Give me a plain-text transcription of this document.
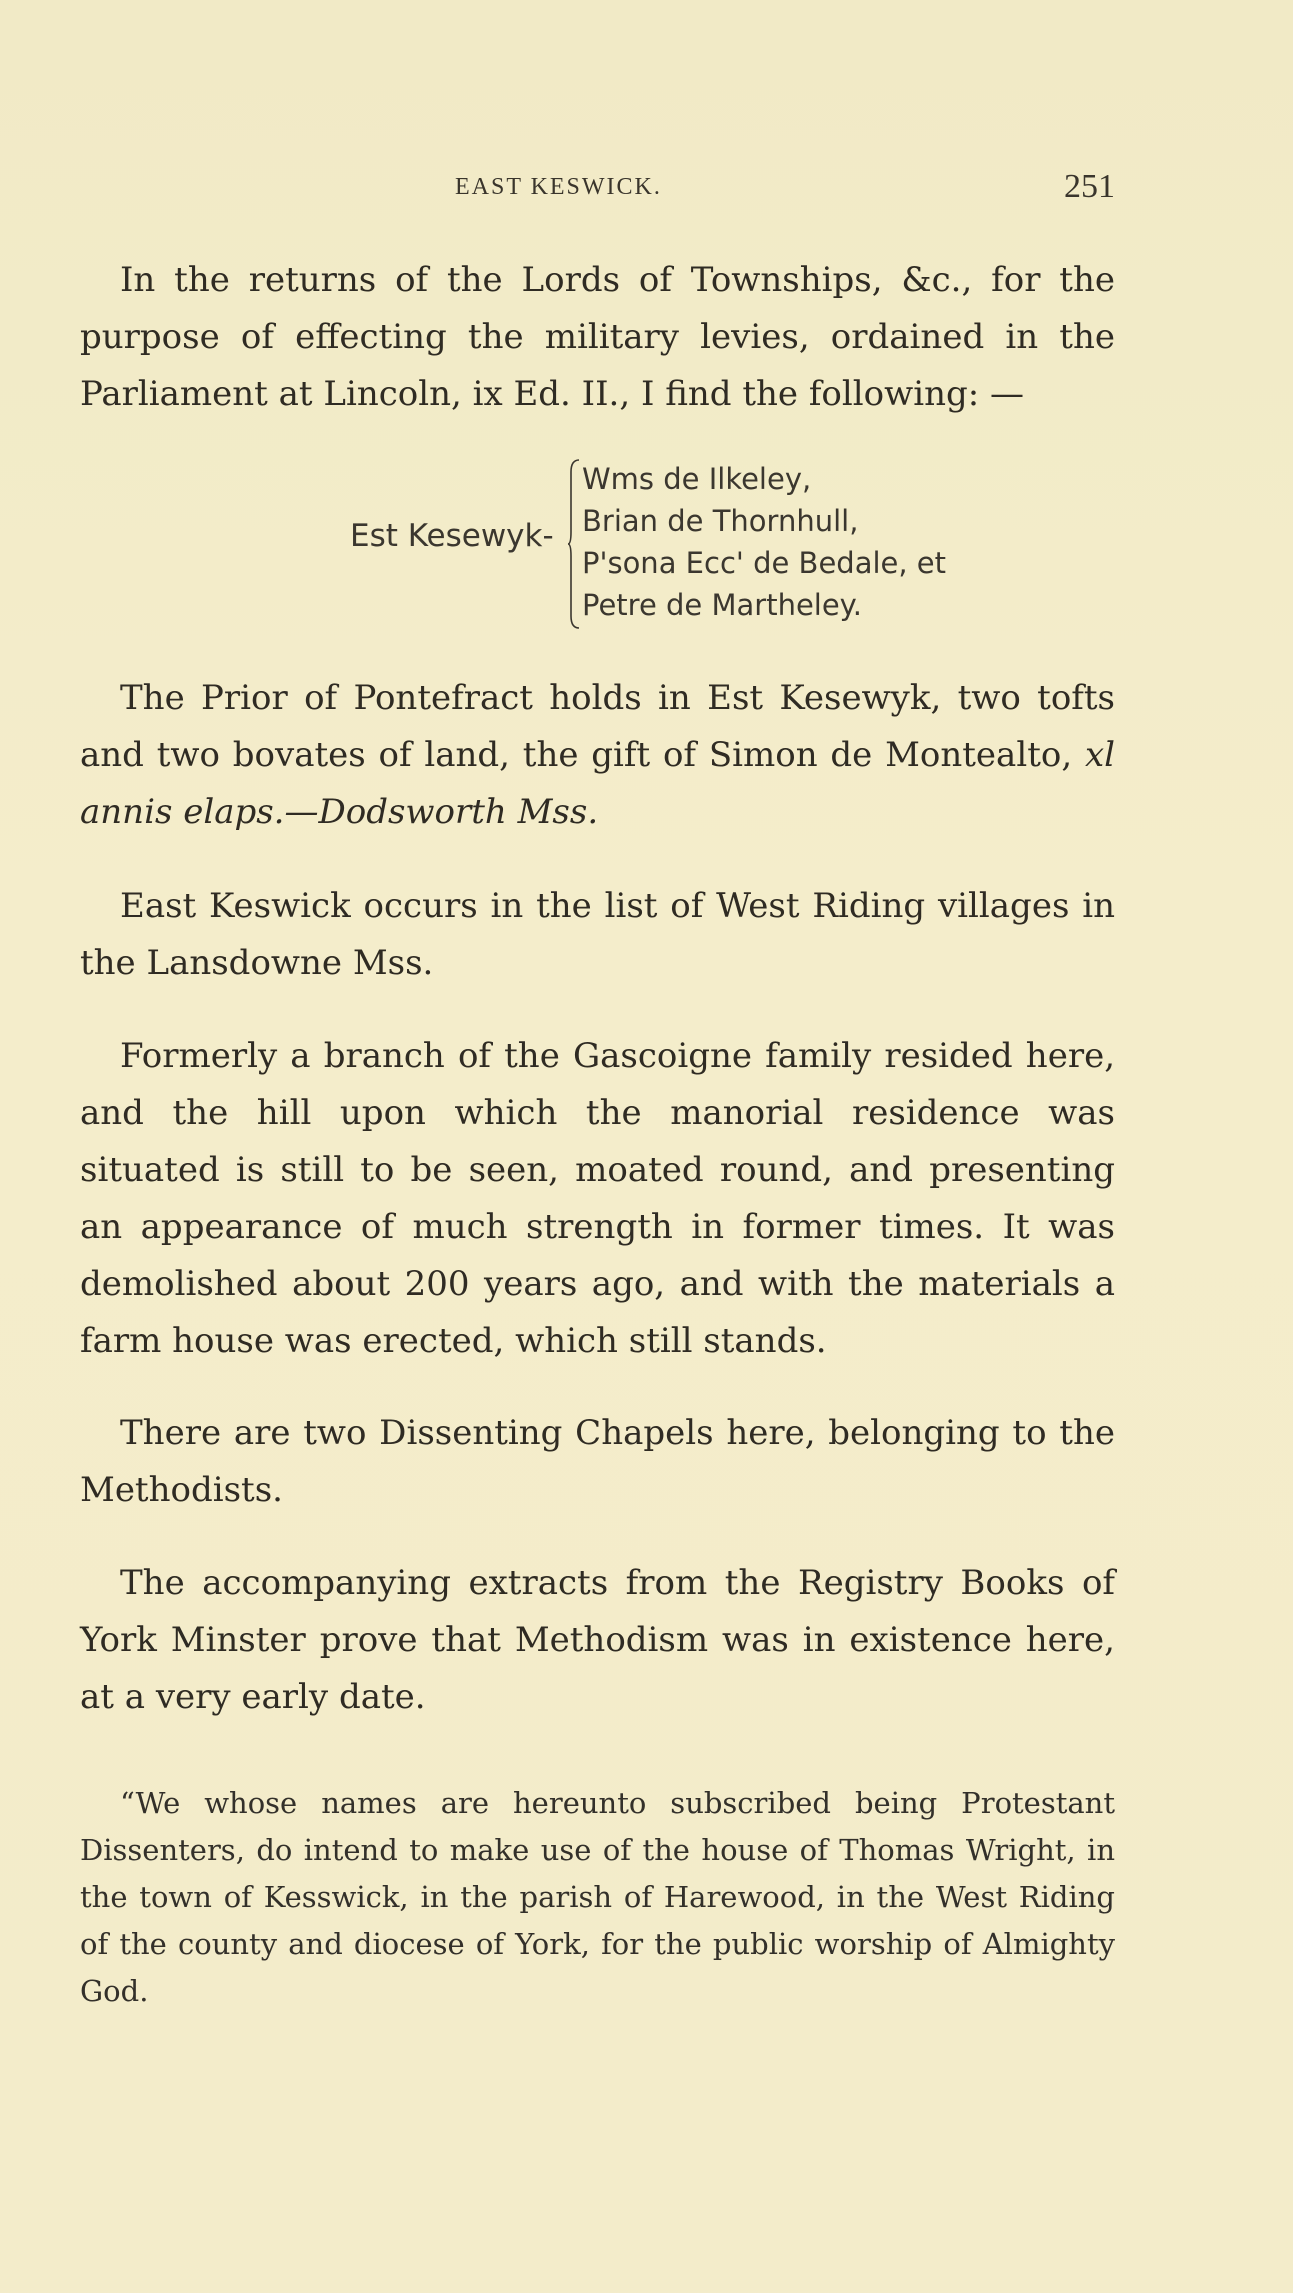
EAST KESWICK.	251

In the returns of the Lords of Townships, &c., for the purpose of effecting the military levies, ordained in the Parliament at Lincoln, ix Ed. II., I find the following: —

Est Kesewyk-
Wms de Ilkeley,
Brian de Thornhull,
P'sona Ecc' de Bedale, et
Petre de Martheley.

The Prior of Pontefract holds in Est Kesewyk, two tofts and two bovates of land, the gift of Simon de Montealto, xl annis elaps.—Dodsworth Mss.

East Keswick occurs in the list of West Riding villages in the Lansdowne Mss.

Formerly a branch of the Gascoigne family resided here, and the hill upon which the manorial residence was situated is still to be seen, moated round, and presenting an appearance of much strength in former times. It was demolished about 200 years ago, and with the materials a farm house was erected, which still stands.

There are two Dissenting Chapels here, belonging to the Methodists.

The accompanying extracts from the Registry Books of York Minster prove that Methodism was in existence here, at a very early date.

“We whose names are hereunto subscribed being Protestant Dissenters, do intend to make use of the house of Thomas Wright, in the town of Kesswick, in the parish of Harewood, in the West Riding of the county and diocese of York, for the public worship of Almighty God.
